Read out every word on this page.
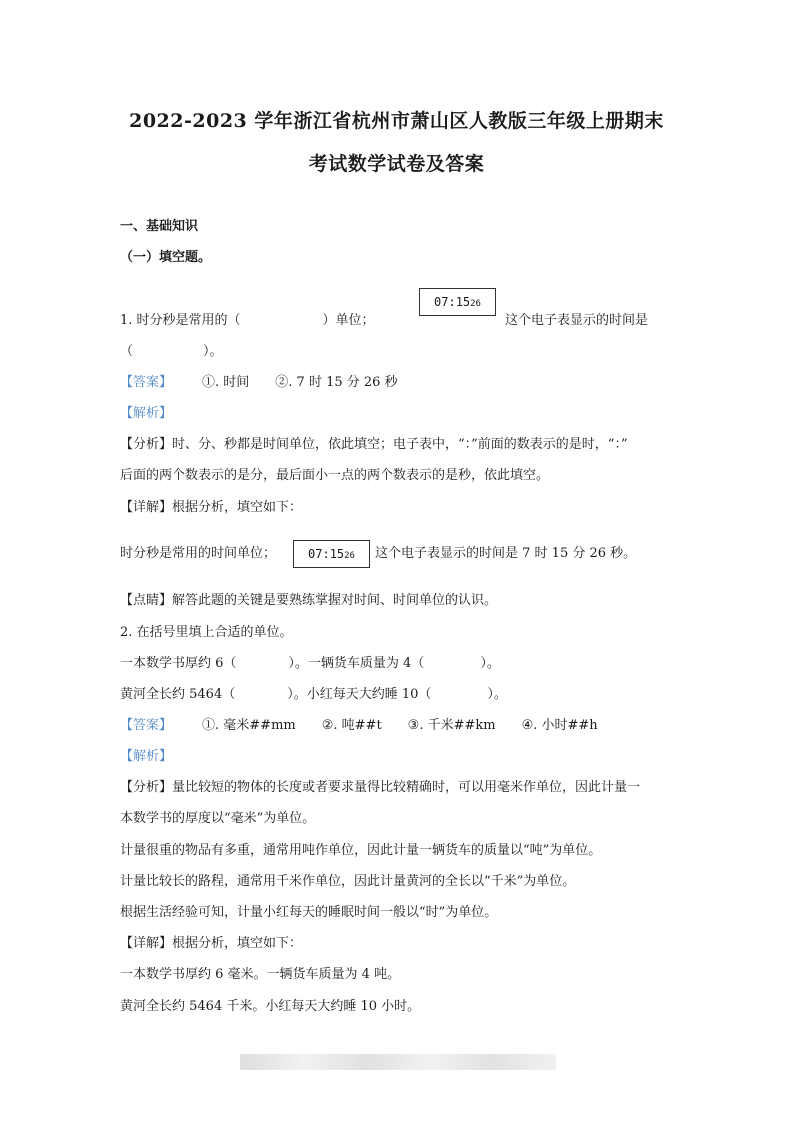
2022-2023 学年浙江省杭州市萧山区人教版三年级上册期末
考试数学试卷及答案
一、基础知识
（一）填空题。
07:15 26
1. 时分秒是常用的（	）单位；	这个电子表显示的时间是
（	）。
【答案】 ①. 时间 ②. 7 时 15 分 26 秒
【解析】
【分析】时、分、秒都是时间单位，依此填空；电子表中，“：”前面的数表示的是时，“：”
后面的两个数表示的是分，最后面小一点的两个数表示的是秒，依此填空。
【详解】根据分析，填空如下：
时分秒是常用的时间单位；	07:15 26 这个电子表显示的时间是 7 时 15 分 26 秒。
【点睛】解答此题的关键是要熟练掌握对时间、时间单位的认识。
2. 在括号里填上合适的单位。
一本数学书厚约 6（	）。一辆货车质量为 4（	）。
黄河全长约 5464（	）。小红每天大约睡 10（	）。
【答案】 ①. 毫米##mm ②. 吨##t ③. 千米##km ④. 小时##h
【解析】
【分析】量比较短的物体的长度或者要求量得比较精确时，可以用毫米作单位，因此计量一
本数学书的厚度以“毫米”为单位。
计量很重的物品有多重，通常用吨作单位，因此计量一辆货车的质量以“吨”为单位。
计量比较长的路程，通常用千米作单位，因此计量黄河的全长以“千米”为单位。
根据生活经验可知，计量小红每天的睡眠时间一般以“时”为单位。
【详解】根据分析，填空如下：
一本数学书厚约 6 毫米。一辆货车质量为 4 吨。
黄河全长约 5464 千米。小红每天大约睡 10 小时。
